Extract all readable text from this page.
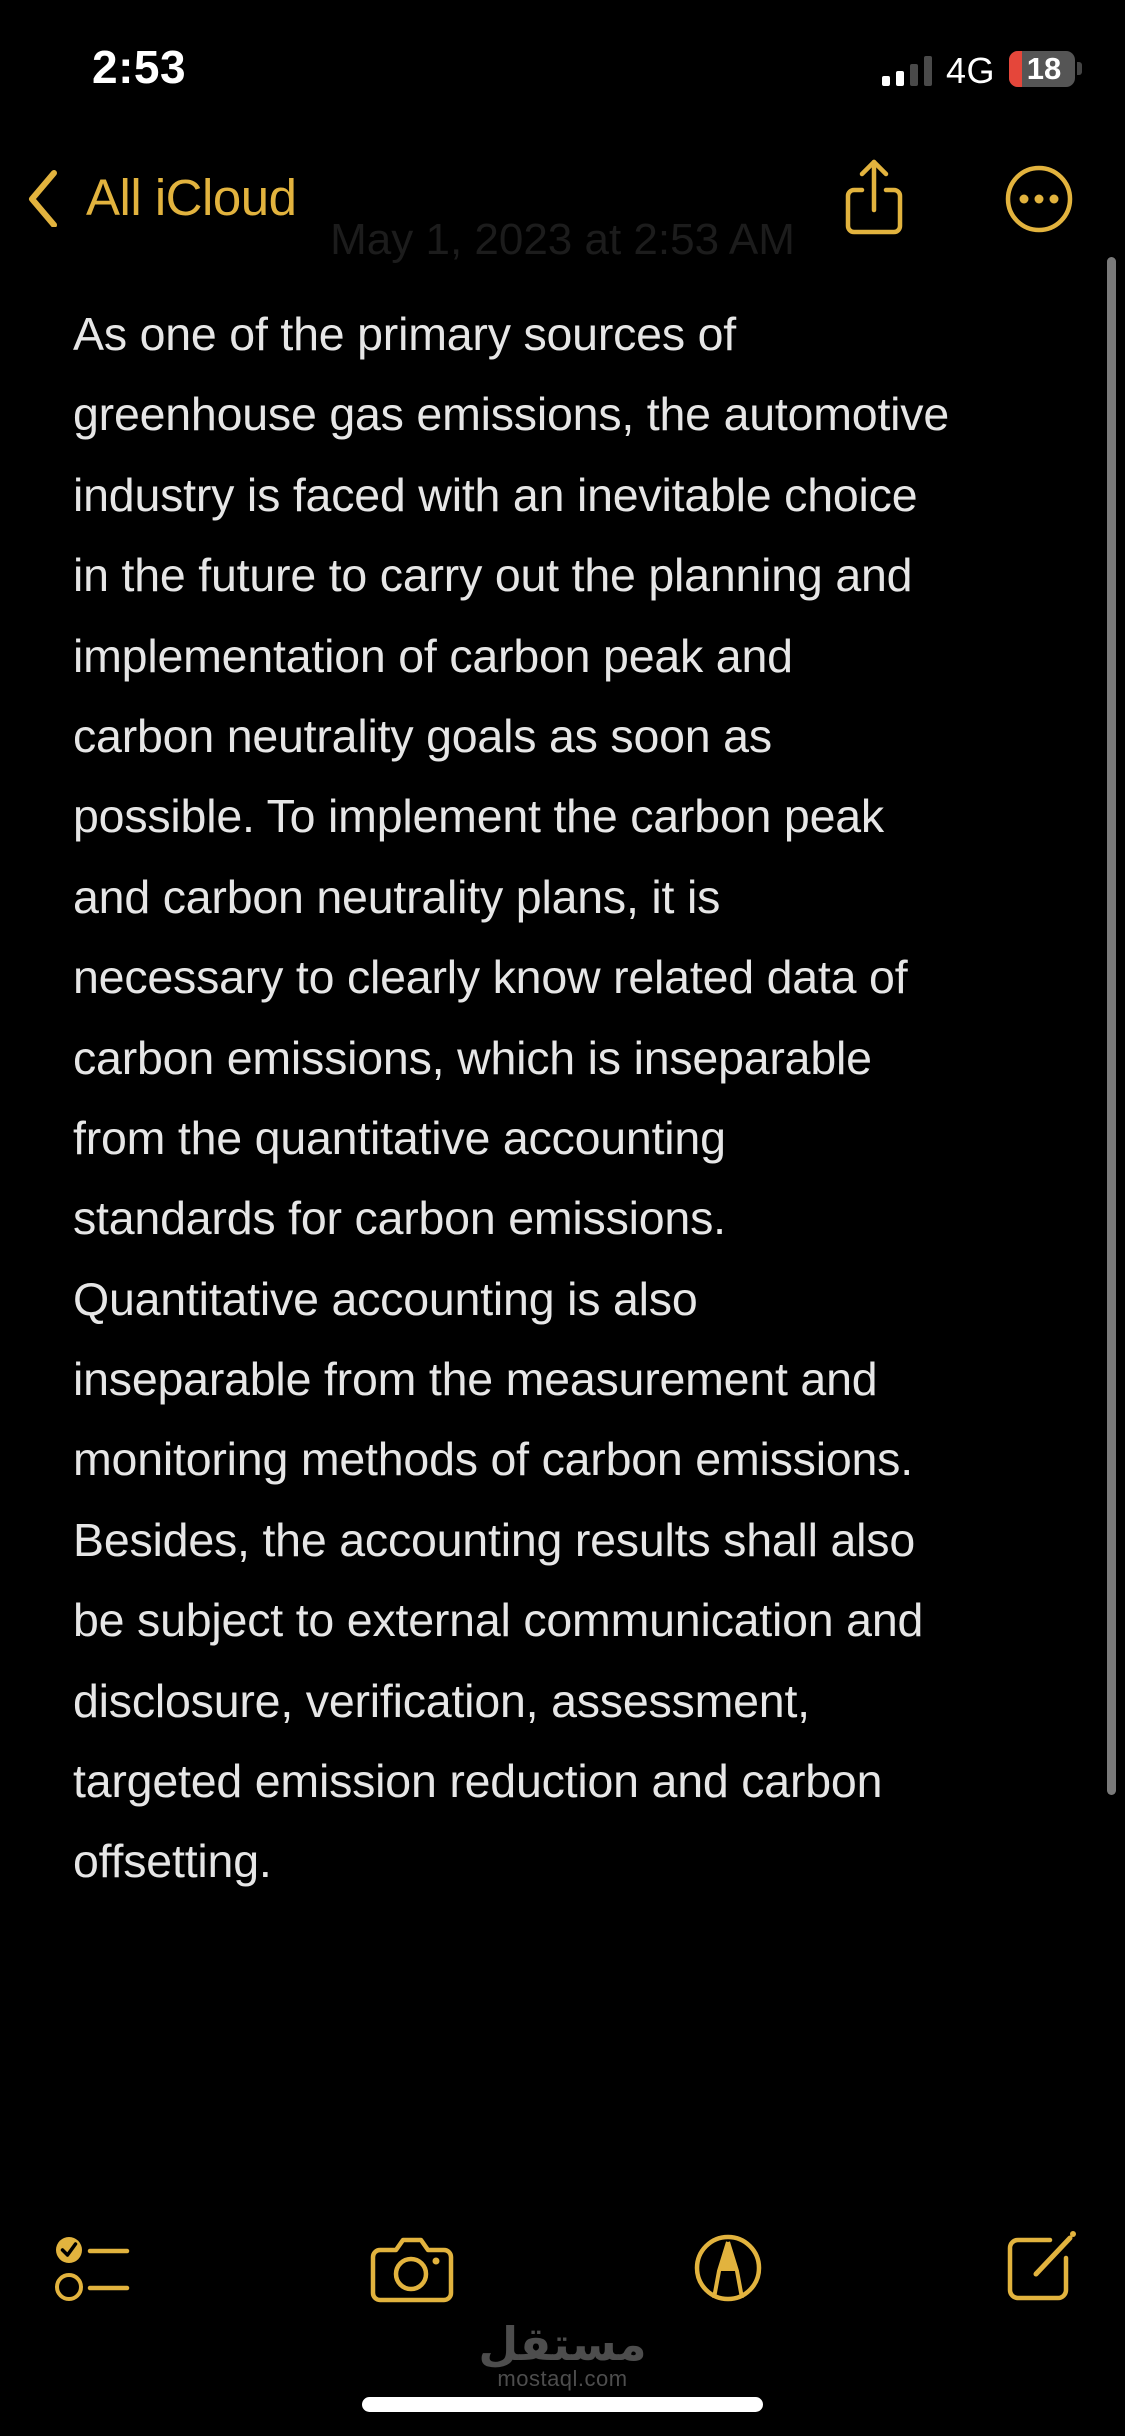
2:53	4G	18
All iCloud
May 1, 2023 at 2:53 AM
As one of the primary sources of
greenhouse gas emissions, the automotive
industry is faced with an inevitable choice
in the future to carry out the planning and
implementation of carbon peak and
carbon neutrality goals as soon as
possible. To implement the carbon peak
and carbon neutrality plans, it is
necessary to clearly know related data of
carbon emissions, which is inseparable
from the quantitative accounting
standards for carbon emissions.
Quantitative accounting is also
inseparable from the measurement and
monitoring methods of carbon emissions.
Besides, the accounting results shall also
be subject to external communication and
disclosure, verification, assessment,
targeted emission reduction and carbon
offsetting.
مستقل
mostaql.com
